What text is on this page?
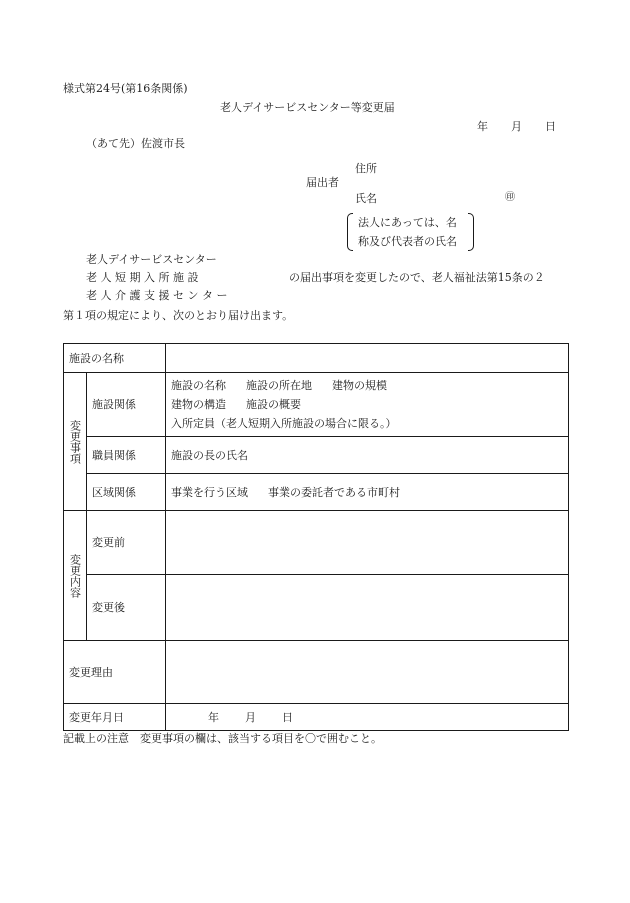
様式第24号(第16条関係)
老人デイサービスセンター等変更届
年 月 日
（あて先）佐渡市長
住所
届出者
氏名	㊞
法人にあっては、名
称及び代表者の氏名
老人デイサービスセンター
老 人 短 期 入 所 施 設	の届出事項を変更したので、老人福祉法第15条の２
老 人 介 護 支 援 セ ン タ ー
第１項の規定により、次のとおり届け出ます。
施設の名称		
変更事項	施設関係	施設の名称 施設の所在地 建物の規模
建物の構造 施設の概要
入所定員（老人短期入所施設の場合に限る。）

	職員関係	施設の長の氏名
	区域関係	事業を行う区域 事業の委託者である市町村
変更内容	変更前	
	変更後	
変更理由		
変更年月日		年 月 日
記載上の注意　変更事項の欄は、該当する項目を〇で囲むこと。
